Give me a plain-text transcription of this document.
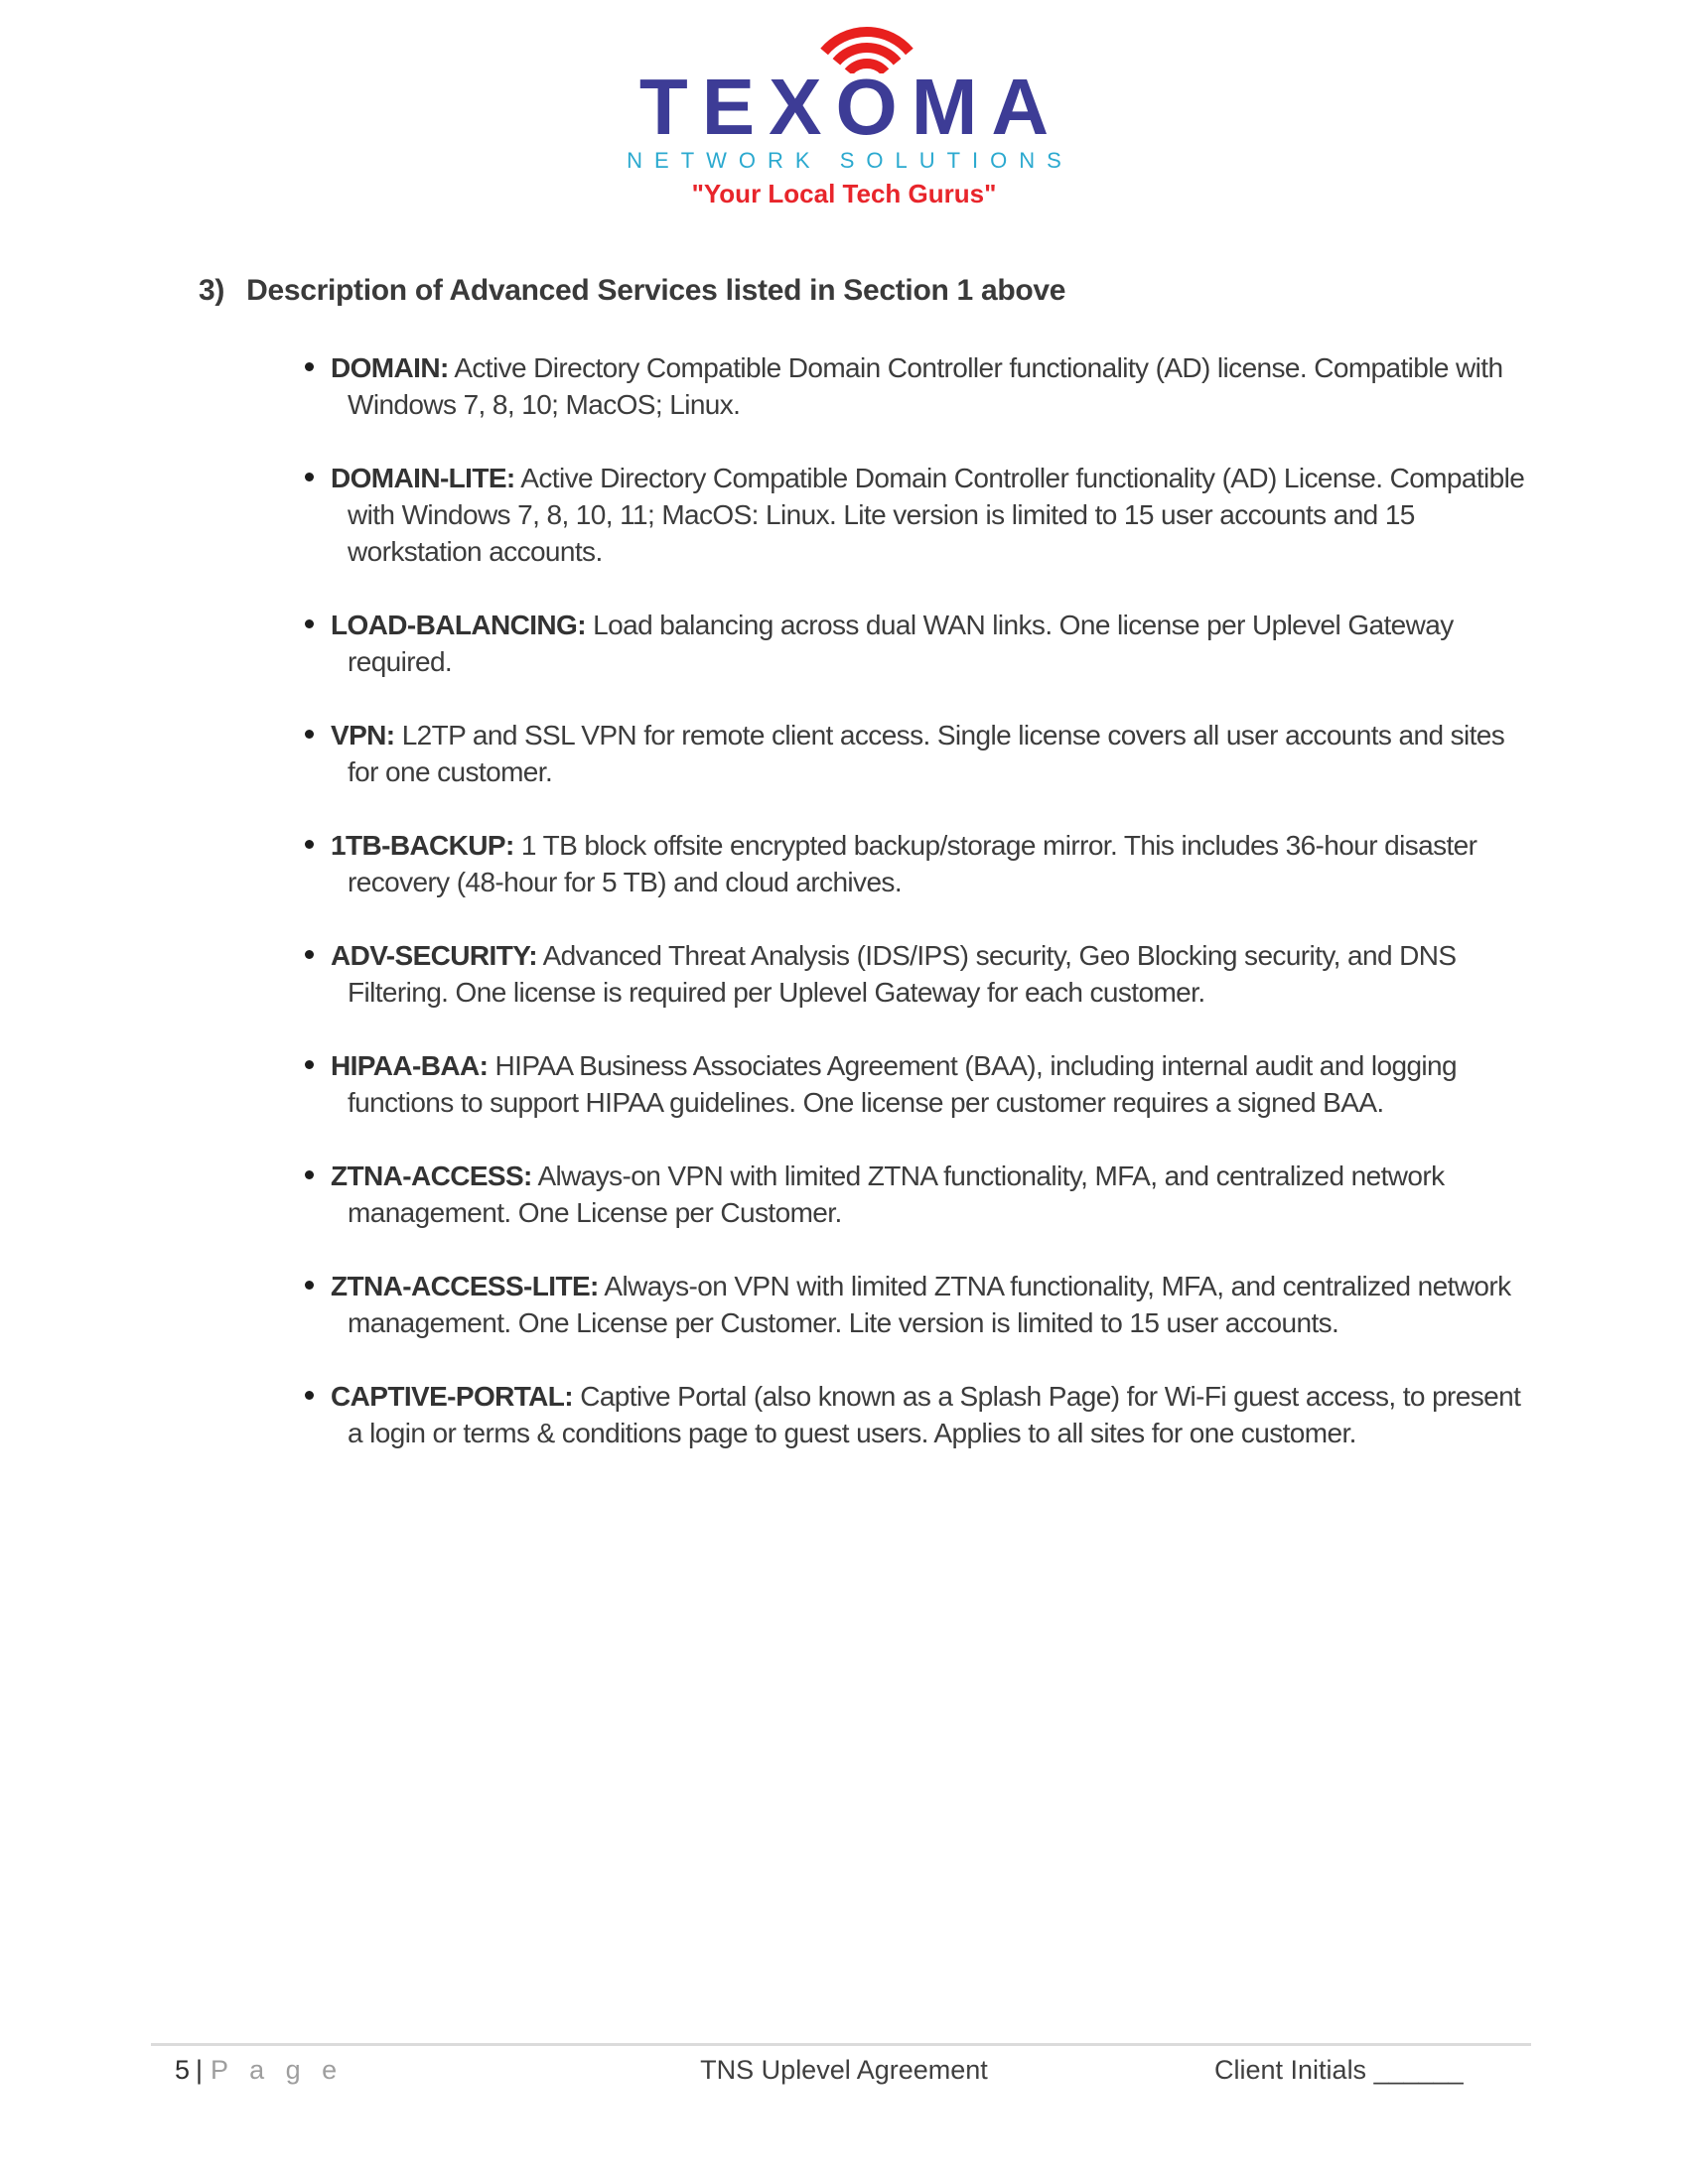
TEXOMA
NETWORK SOLUTIONS
"Your Local Tech Gurus"
3) Description of Advanced Services listed in Section 1 above
DOMAIN: Active Directory Compatible Domain Controller functionality (AD) license. Compatible with Windows 7, 8, 10; MacOS; Linux.
DOMAIN-LITE: Active Directory Compatible Domain Controller functionality (AD) License. Compatible with Windows 7, 8, 10, 11; MacOS: Linux. Lite version is limited to 15 user accounts and 15 workstation accounts.
LOAD-BALANCING: Load balancing across dual WAN links. One license per Uplevel Gateway required.
VPN: L2TP and SSL VPN for remote client access. Single license covers all user accounts and sites for one customer.
1TB-BACKUP: 1 TB block offsite encrypted backup/storage mirror. This includes 36-hour disaster recovery (48-hour for 5 TB) and cloud archives.
ADV-SECURITY: Advanced Threat Analysis (IDS/IPS) security, Geo Blocking security, and DNS Filtering. One license is required per Uplevel Gateway for each customer.
HIPAA-BAA: HIPAA Business Associates Agreement (BAA), including internal audit and logging functions to support HIPAA guidelines. One license per customer requires a signed BAA.
ZTNA-ACCESS: Always-on VPN with limited ZTNA functionality, MFA, and centralized network management. One License per Customer.
ZTNA-ACCESS-LITE: Always-on VPN with limited ZTNA functionality, MFA, and centralized network management. One License per Customer. Lite version is limited to 15 user accounts.
CAPTIVE-PORTAL: Captive Portal (also known as a Splash Page) for Wi-Fi guest access, to present a login or terms & conditions page to guest users. Applies to all sites for one customer.
5 | P a g e	TNS Uplevel Agreement	Client Initials ______
